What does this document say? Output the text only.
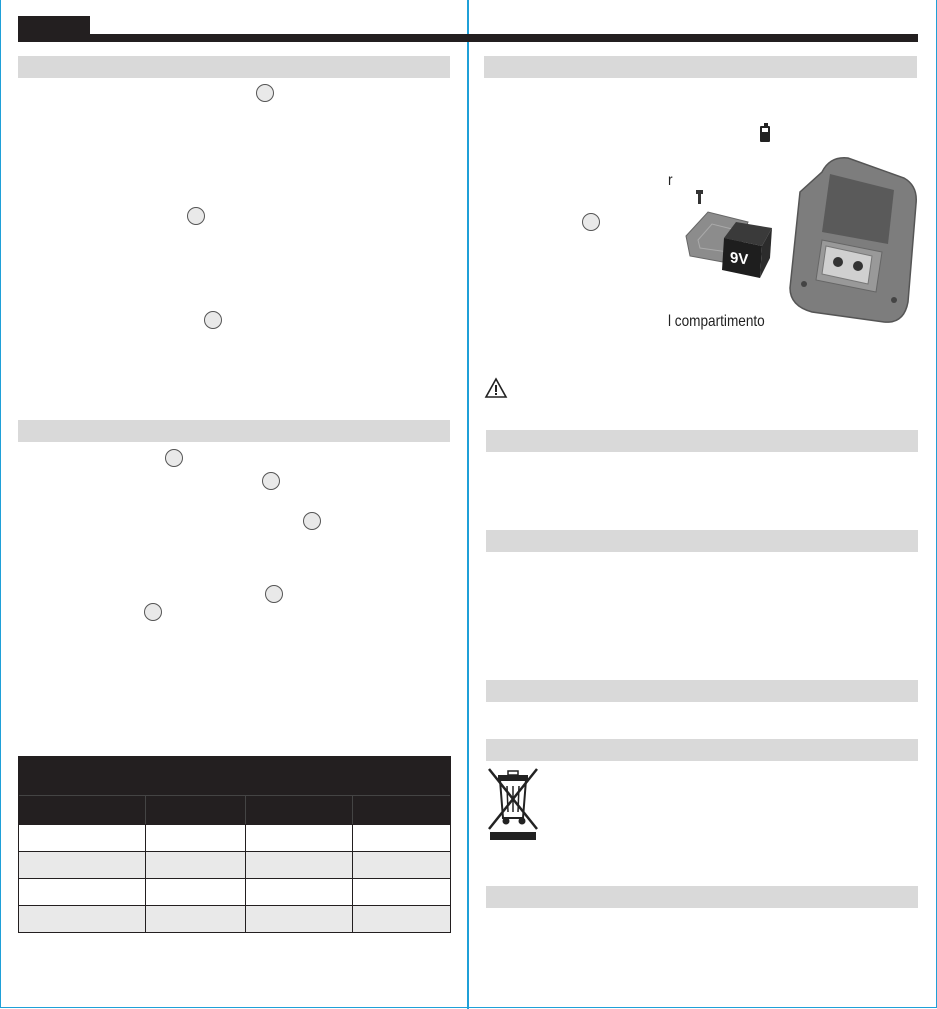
r
l compartimento
9V
